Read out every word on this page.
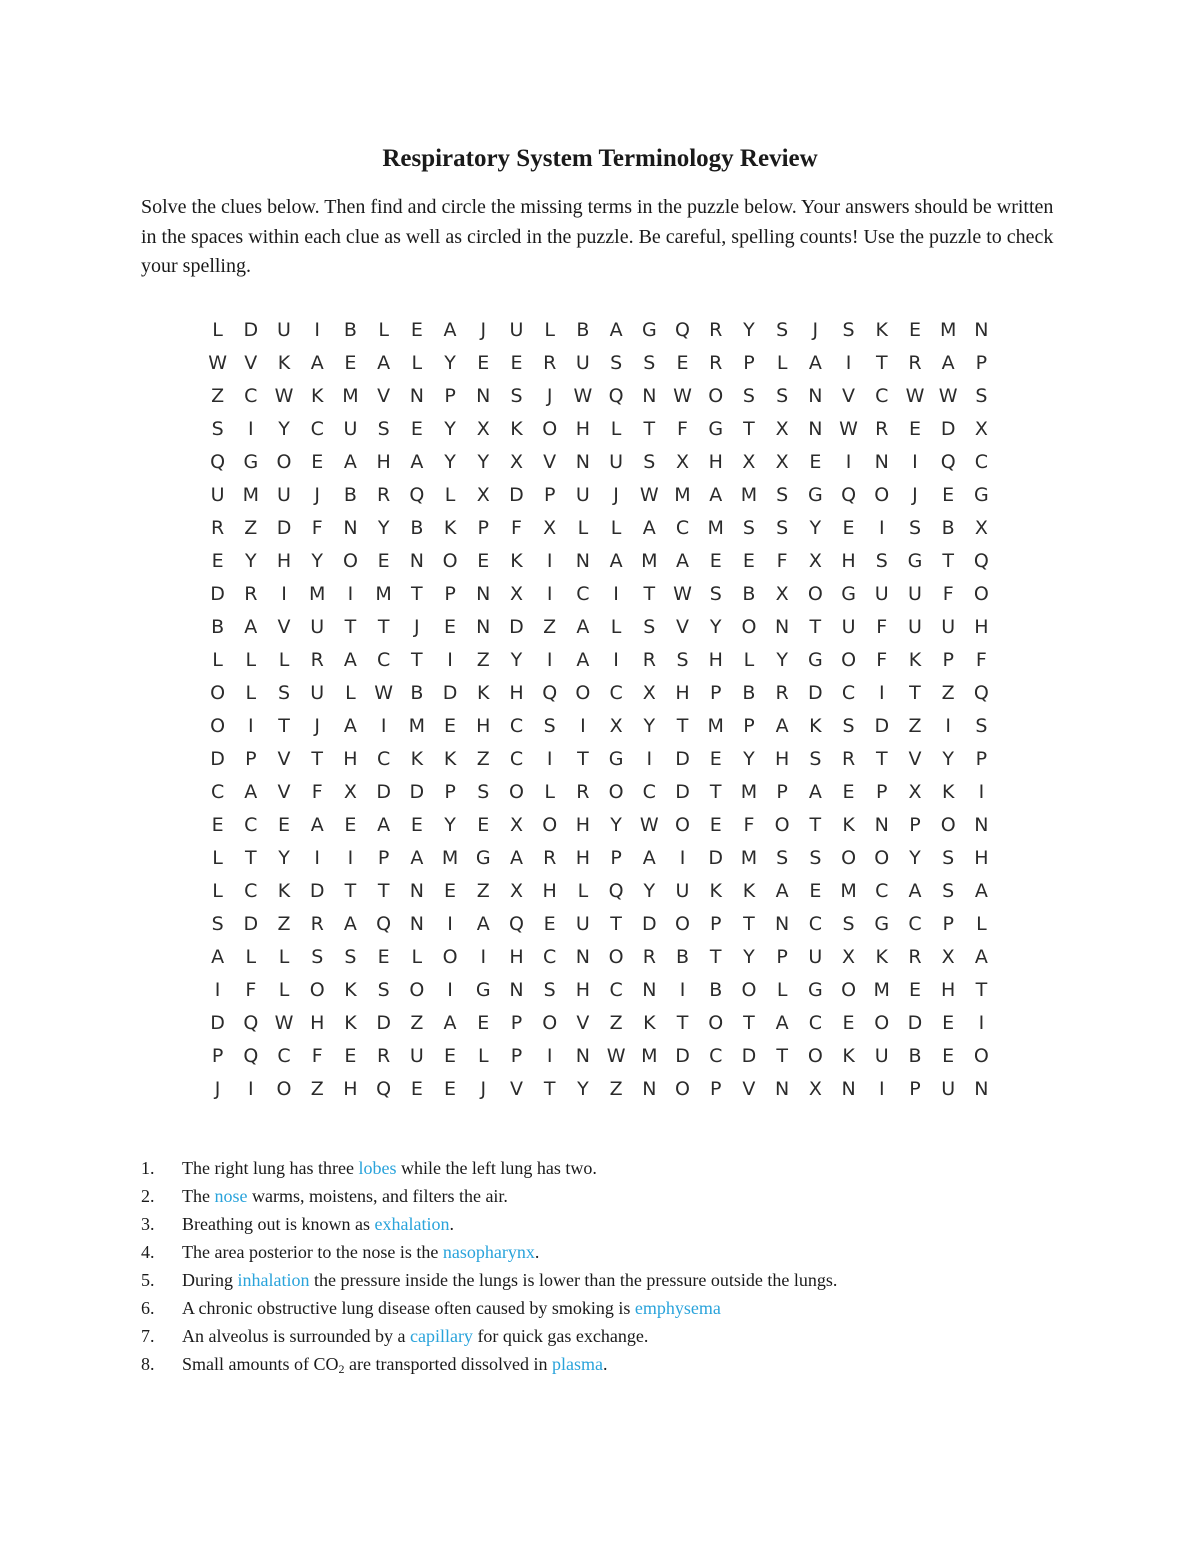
Respiratory System Terminology Review
Solve the clues below. Then find and circle the missing terms in the puzzle below. Your answers should be written in the spaces within each clue as well as circled in the puzzle. Be careful, spelling counts! Use the puzzle to check your spelling.
L	D U	I	B	L	E	A	J	U	L	B	A	G Q	R	Y	S	J	S	K	E	M N
W V	K	A	E	A	L	Y	E	E	R	U	S	S	E	R	P	L	A	I	T	R	A	P
Z	C W K M V	N	P	N	S	J	W Q N W O	S	S	N	V	C W W S
S	I	Y	C	U	S	E	Y	X	K	O H	L	T	F	G	T	X	N W R	E	D	X
Q G O	E	A	H	A	Y	Y	X	V	N	U	S	X	H	X	X	E	I	N	I	Q	C
U M U	J	B	R	Q	L	X	D	P	U	J	W M A M S	G Q O	J	E	G
R	Z	D	F	N	Y	B	K	P	F	X	L	L	A	C M S	S	Y	E	I	S	B	X
E	Y	H	Y	O	E	N O	E	K	I	N	A M A	E	E	F	X	H	S	G	T	Q
D	R	I	M	I	M	T	P	N	X	I	C	I	T W S	B	X	O G U	U	F	O
B	A	V	U	T	T	J	E	N D	Z	A	L	S	V	Y	O N	T	U	F	U	U	H
L	L	L	R	A	C	T	I	Z	Y	I	A	I	R	S	H	L	Y	G O	F	K	P	F
O	L	S	U	L W B	D	K	H Q O	C	X	H	P	B	R	D	C	I	T	Z	Q
O	I	T	J	A	I	M	E	H	C	S	I	X	Y	T	M	P	A	K	S	D	Z	I	S
D	P	V	T	H	C	K	K	Z	C	I	T	G	I	D	E	Y	H	S	R	T	V	Y	P
C	A	V	F	X	D D	P	S	O	L	R	O	C	D	T	M	P	A	E	P	X	K	I
E	C	E	A	E	A	E	Y	E	X	O H	Y W O	E	F	O	T	K	N	P	O N
L	T	Y	I	I	P	A M G	A	R	H	P	A	I	D M S	S	O O	Y	S	H
L	C	K	D	T	T	N	E	Z	X	H	L	Q	Y	U	K	K	A	E	M C	A	S	A
S	D	Z	R	A	Q N	I	A	Q	E	U	T	D O	P	T	N	C	S	G	C	P	L
A	L	L	S	S	E	L	O	I	H	C	N O	R	B	T	Y	P	U	X	K	R	X	A
I	F	L	O	K	S	O	I	G N	S	H	C	N	I	B	O	L	G O M	E	H	T
D Q W H	K	D	Z	A	E	P	O	V	Z	K	T	O	T	A	C	E	O D	E	I
P	Q	C	F	E	R	U	E	L	P	I	N W M D	C	D	T	O	K	U	B	E	O
J	I	O	Z	H Q	E	E	J	V	T	Y	Z	N O	P	V	N	X	N	I	P	U	N
1.	The right lung has three lobes while the left lung has two.
2.	The nose warms, moistens, and filters the air.
3.	Breathing out is known as exhalation.
4.	The area posterior to the nose is the nasopharynx.
5.	During inhalation the pressure inside the lungs is lower than the pressure outside the lungs.
6.	A chronic obstructive lung disease often caused by smoking is emphysema
7.	An alveolus is surrounded by a capillary for quick gas exchange.
8.	Small amounts of $CO_2$ are transported dissolved in plasma.
